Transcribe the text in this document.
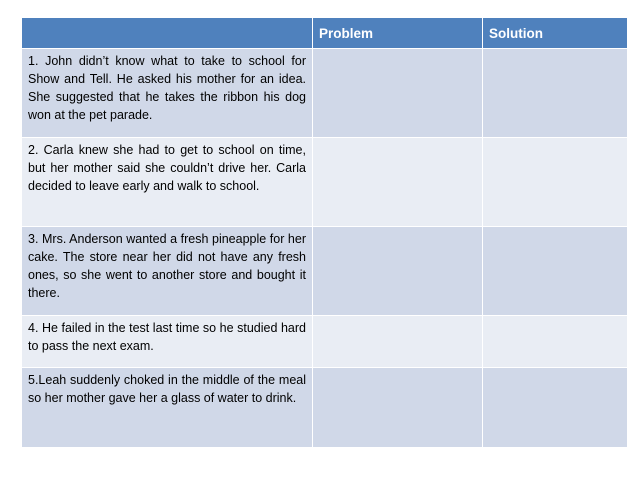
	Problem	Solution
1. John didn’t know what to take to school for Show and Tell. He asked his mother for an idea. She suggested that he takes the ribbon his dog won at the pet parade.		
2. Carla knew she had to get to school on time, but her mother said she couldn’t drive her. Carla decided to leave early and walk to school.		
3. Mrs. Anderson wanted a fresh pineapple for her cake. The store near her did not have any fresh ones, so she went to another store and bought it there.		
4. He failed in the test last time so he studied hard to pass the next exam.		
5.Leah suddenly choked in the middle of the meal so her mother gave her a glass of water to drink.		
